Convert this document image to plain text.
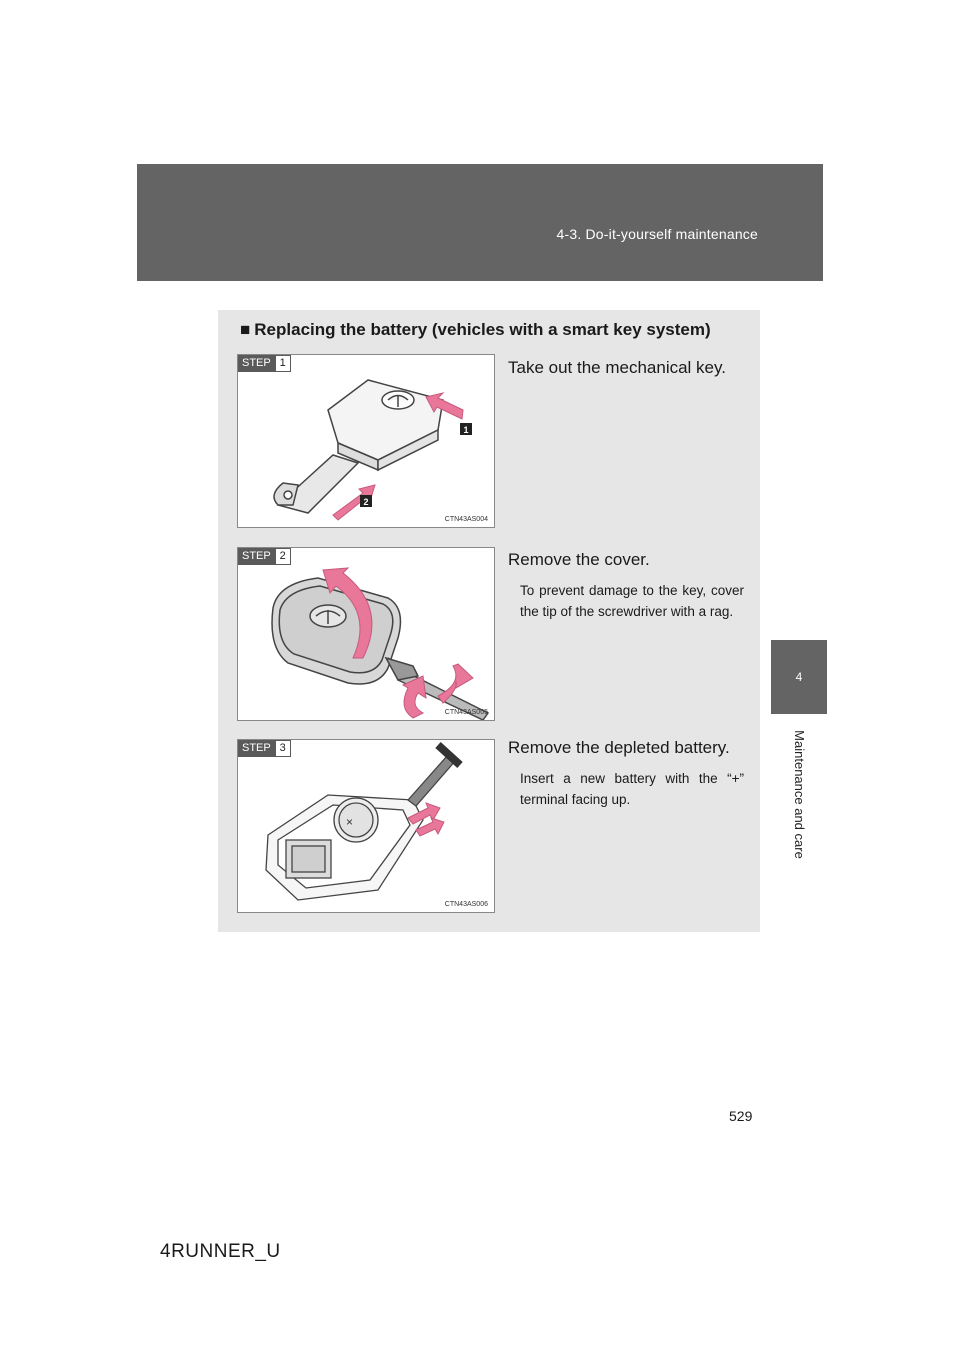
4-3. Do-it-yourself maintenance
4
Maintenance and care
■ Replacing the battery (vehicles with a smart key system)
1
2
STEP 1
CTN43AS004

Take out the mechanical key.

STEP 2
CTN43AS005

Remove the cover.

To prevent damage to the key, cover the tip of the screwdriver with a rag.

×
STEP 3
CTN43AS006

Remove the depleted battery.

Insert a new battery with the “+” terminal facing up.

529
4RUNNER_U
